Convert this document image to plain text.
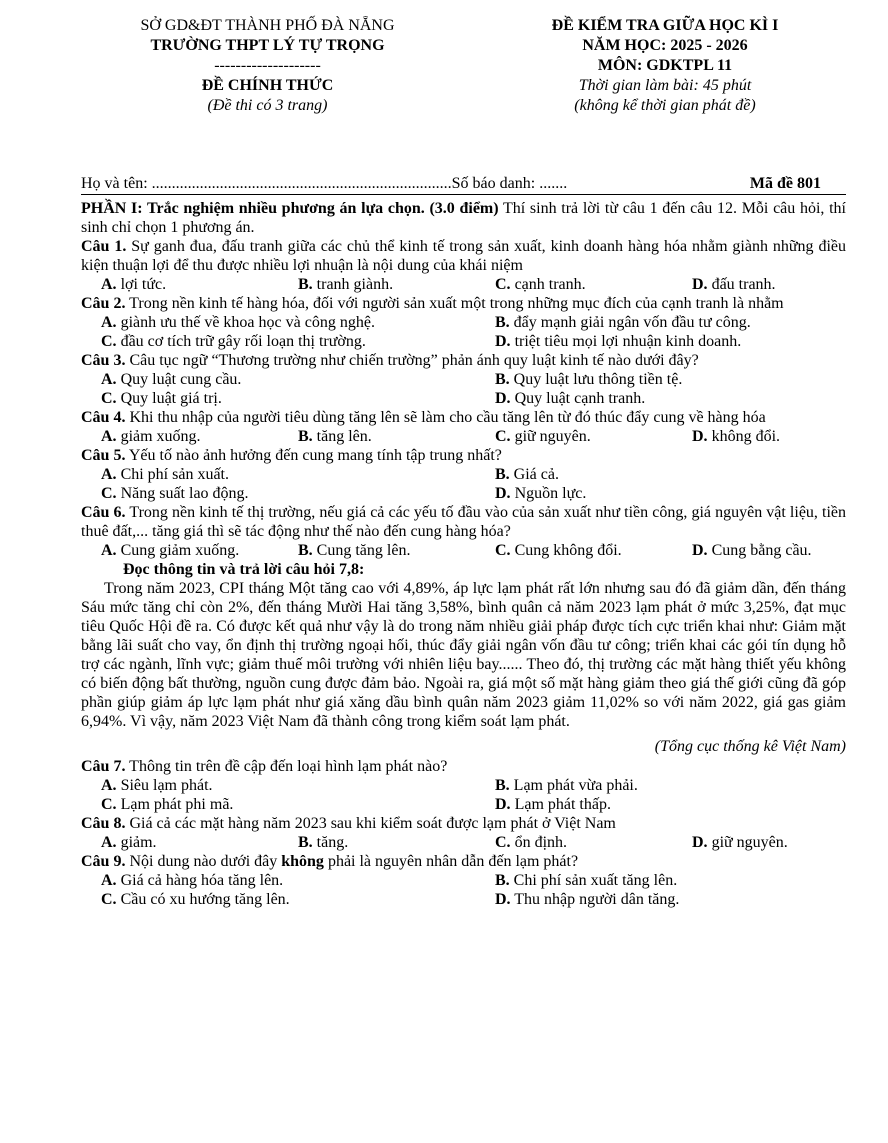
SỞ GD&ĐT THÀNH PHỐ ĐÀ NẴNG
TRƯỜNG THPT LÝ TỰ TRỌNG
--------------------
ĐỀ CHÍNH THỨC
(Đề thi có 3 trang)
ĐỀ KIỂM TRA GIỮA HỌC KÌ I
NĂM HỌC: 2025 - 2026
MÔN: GDKTPL 11
Thời gian làm bài: 45 phút
(không kể thời gian phát đề)
Họ và tên: ...........................................................................Số báo danh: .......	Mã đề 801

PHẦN I: Trắc nghiệm nhiều phương án lựa chọn. (3.0 điểm) Thí sinh trả lời từ câu 1 đến câu 12. Mỗi câu hỏi, thí sinh chỉ chọn 1 phương án.

Câu 1. Sự ganh đua, đấu tranh giữa các chủ thể kinh tế trong sản xuất, kinh doanh hàng hóa nhằm giành những điều kiện thuận lợi để thu được nhiều lợi nhuận là nội dung của khái niệm

A. lợi tức.	B. tranh giành.	C. cạnh tranh.	D. đấu tranh.

Câu 2. Trong nền kinh tế hàng hóa, đối với người sản xuất một trong những mục đích của cạnh tranh là nhằm

A. giành ưu thế về khoa học và công nghệ.	B. đẩy mạnh giải ngân vốn đầu tư công.
C. đầu cơ tích trữ gây rối loạn thị trường.	D. triệt tiêu mọi lợi nhuận kinh doanh.

Câu 3. Câu tục ngữ “Thương trường như chiến trường” phản ánh quy luật kinh tế nào dưới đây?

A. Quy luật cung cầu.	B. Quy luật lưu thông tiền tệ.
C. Quy luật giá trị.	D. Quy luật cạnh tranh.

Câu 4. Khi thu nhập của người tiêu dùng tăng lên sẽ làm cho cầu tăng lên từ đó thúc đẩy cung về hàng hóa

A. giảm xuống.	B. tăng lên.	C. giữ nguyên.	D. không đổi.

Câu 5. Yếu tố nào ảnh hưởng đến cung mang tính tập trung nhất?

A. Chi phí sản xuất.	B. Giá cả.
C. Năng suất lao động.	D. Nguồn lực.

Câu 6. Trong nền kinh tế thị trường, nếu giá cả các yếu tố đầu vào của sản xuất như tiền công, giá nguyên vật liệu, tiền thuê đất,... tăng giá thì sẽ tác động như thế nào đến cung hàng hóa?

A. Cung giảm xuống.	B. Cung tăng lên.	C. Cung không đổi.	D. Cung bằng cầu.
Đọc thông tin và trả lời câu hỏi 7,8:

Trong năm 2023, CPI tháng Một tăng cao với 4,89%, áp lực lạm phát rất lớn nhưng sau đó đã giảm dần, đến tháng Sáu mức tăng chỉ còn 2%, đến tháng Mười Hai tăng 3,58%, bình quân cả năm 2023 lạm phát ở mức 3,25%, đạt mục tiêu Quốc Hội đề ra. Có được kết quả như vậy là do trong năm nhiều giải pháp được tích cực triển khai như: Giảm mặt bằng lãi suất cho vay, ổn định thị trường ngoại hối, thúc đẩy giải ngân vốn đầu tư công; triển khai các gói tín dụng hỗ trợ các ngành, lĩnh vực; giảm thuế môi trường với nhiên liệu bay...... Theo đó, thị trường các mặt hàng thiết yếu không có biến động bất thường, nguồn cung được đảm bảo. Ngoài ra, giá một số mặt hàng giảm theo giá thế giới cũng đã góp phần giúp giảm áp lực lạm phát như giá xăng dầu bình quân năm 2023 giảm 11,02% so với năm 2022, giá gas giảm 6,94%. Vì vậy, năm 2023 Việt Nam đã thành công trong kiểm soát lạm phát.

(Tổng cục thống kê Việt Nam)

Câu 7. Thông tin trên đề cập đến loại hình lạm phát nào?

A. Siêu lạm phát.	B. Lạm phát vừa phải.
C. Lạm phát phi mã.	D. Lạm phát thấp.

Câu 8. Giá cả các mặt hàng năm 2023 sau khi kiểm soát được lạm phát ở Việt Nam

A. giảm.	B. tăng.	C. ổn định.	D. giữ nguyên.

Câu 9. Nội dung nào dưới đây không phải là nguyên nhân dẫn đến lạm phát?

A. Giá cả hàng hóa tăng lên.	B. Chi phí sản xuất tăng lên.
C. Cầu có xu hướng tăng lên.	D. Thu nhập người dân tăng.
